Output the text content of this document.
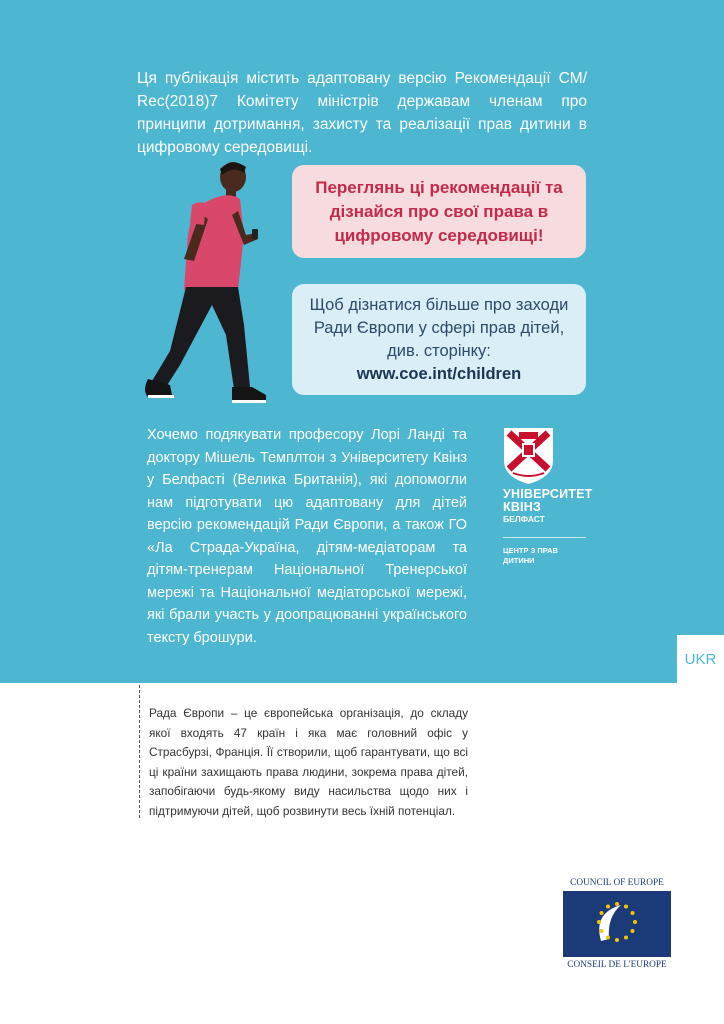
Ця публікація містить адаптовану версію Рекомендації CM/ Rec(2018)7 Комітету міністрів державам членам про принципи дотримання, захисту та реалізації прав дитини в цифровому середовищі.

Переглянь ці рекомендації та дізнайся про свої права в цифровому середовищі!
Щоб дізнатися більше про заходи Ради Європи у сфері прав дітей, див. сторінку:
www.coe.int/children

Хочемо подякувати професору Лорі Ланді та доктору Мішель Темплтон з Університету Квінз у Белфасті (Велика Британія), які допомогли нам підготувати цю адаптовану для дітей версію рекомендацій Ради Європи, а також ГО «Ла Страда-Україна, дітям-медіаторам та дітям-тренерам Національної Тренерської мережі та Національної медіаторської мережі, які брали участь у доопрацюванні українського тексту брошури.

УНІВЕРСИТЕТ
КВІНЗ
БЕЛФАСТ
ЦЕНТР З ПРАВ
ДИТИНИ
UKR

Рада Європи – це європейська організація, до складу якої входять 47 країн і яка має головний офіс у Страсбурзі, Франція. Її створили, щоб гарантувати, що всі ці країни захищають права людини, зокрема права дітей, запобігаючи будь-якому виду насильства щодо них і підтримуючи дітей, щоб розвинути весь їхній потенціал.

COUNCIL OF EUROPE
CONSEIL DE L'EUROPE
